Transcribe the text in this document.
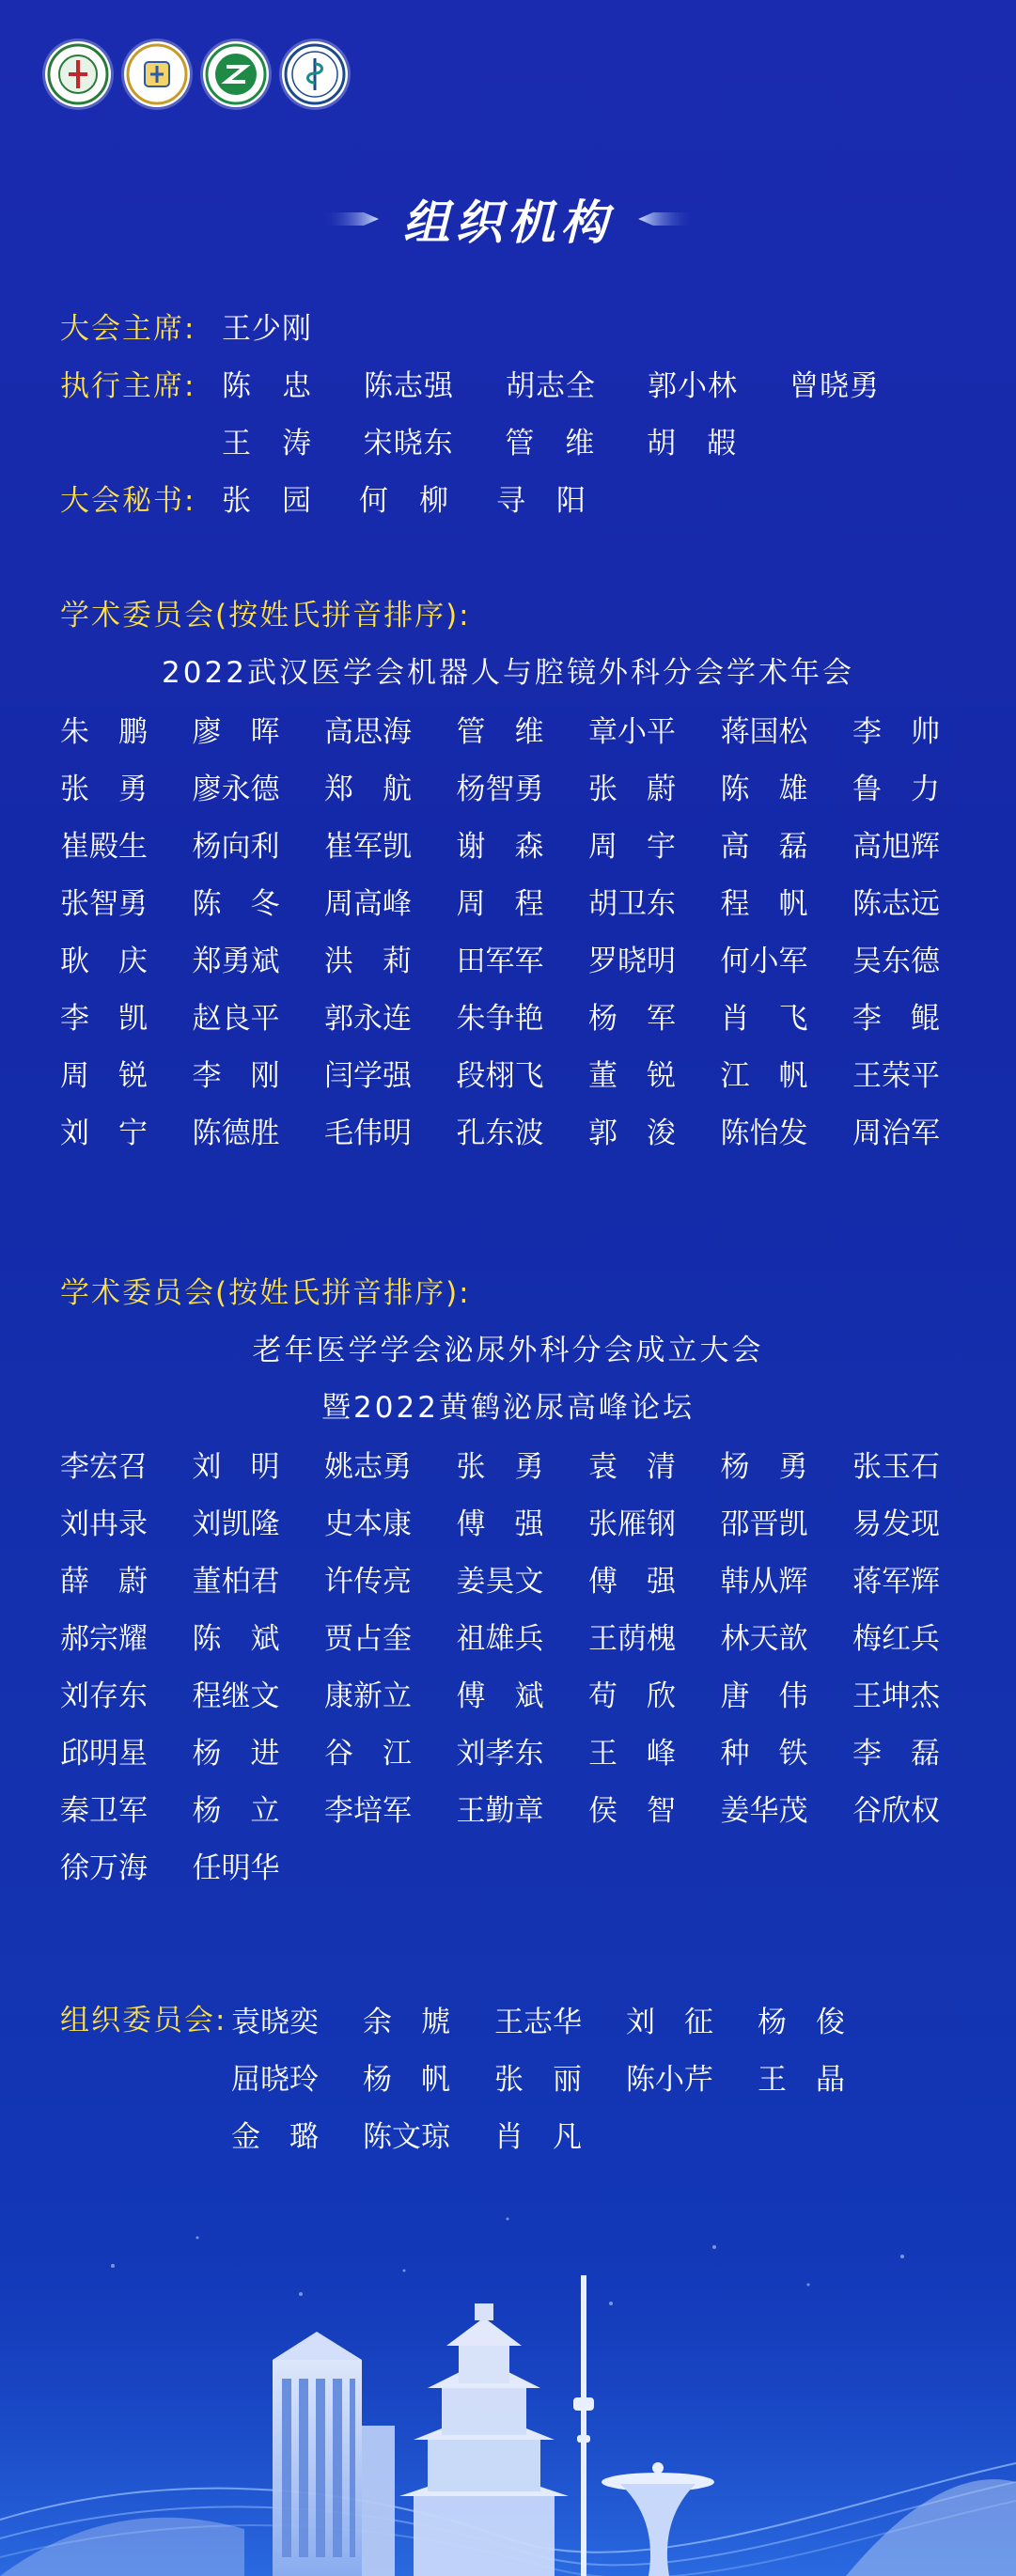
组织机构
大会主席: 王少刚
执行主席: 陈　忠 陈志强 胡志全 郭小林 曾晓勇
王　涛 宋晓东 管　维 胡　嘏
大会秘书: 张　园 何　柳 寻　阳
学术委员会(按姓氏拼音排序):
2022武汉医学会机器人与腔镜外科分会学术年会
朱　鹏	廖　晖	高思海	管　维	章小平	蒋国松	李　帅
张　勇	廖永德	郑　航	杨智勇	张　蔚	陈　雄	鲁　力
崔殿生	杨向利	崔军凯	谢　森	周　宇	高　磊	高旭辉
张智勇	陈　冬	周高峰	周　程	胡卫东	程　帆	陈志远
耿　庆	郑勇斌	洪　莉	田军军	罗晓明	何小军	吴东德
李　凯	赵良平	郭永连	朱争艳	杨　军	肖　飞	李　鲲
周　锐	李　刚	闫学强	段栩飞	董　锐	江　帆	王荣平
刘　宁	陈德胜	毛伟明	孔东波	郭　浚	陈怡发	周治军
学术委员会(按姓氏拼音排序):
老年医学学会泌尿外科分会成立大会
暨2022黄鹤泌尿高峰论坛
李宏召	刘　明	姚志勇	张　勇	袁　清	杨　勇	张玉石
刘冉录	刘凯隆	史本康	傅　强	张雁钢	邵晋凯	易发现
薛　蔚	董柏君	许传亮	姜昊文	傅　强	韩从辉	蒋军辉
郝宗耀	陈　斌	贾占奎	祖雄兵	王荫槐	林天歆	梅红兵
刘存东	程继文	康新立	傅　斌	苟　欣	唐　伟	王坤杰
邱明星	杨　进	谷　江	刘孝东	王　峰	种　铁	李　磊
秦卫军	杨　立	李培军	王勤章	侯　智	姜华茂	谷欣权
徐万海	任明华
组织委员会: 袁晓奕	余　虓	王志华	刘　征	杨　俊
屈晓玲	杨　帆	张　丽	陈小芹	王　晶
金　璐	陈文琼	肖　凡
